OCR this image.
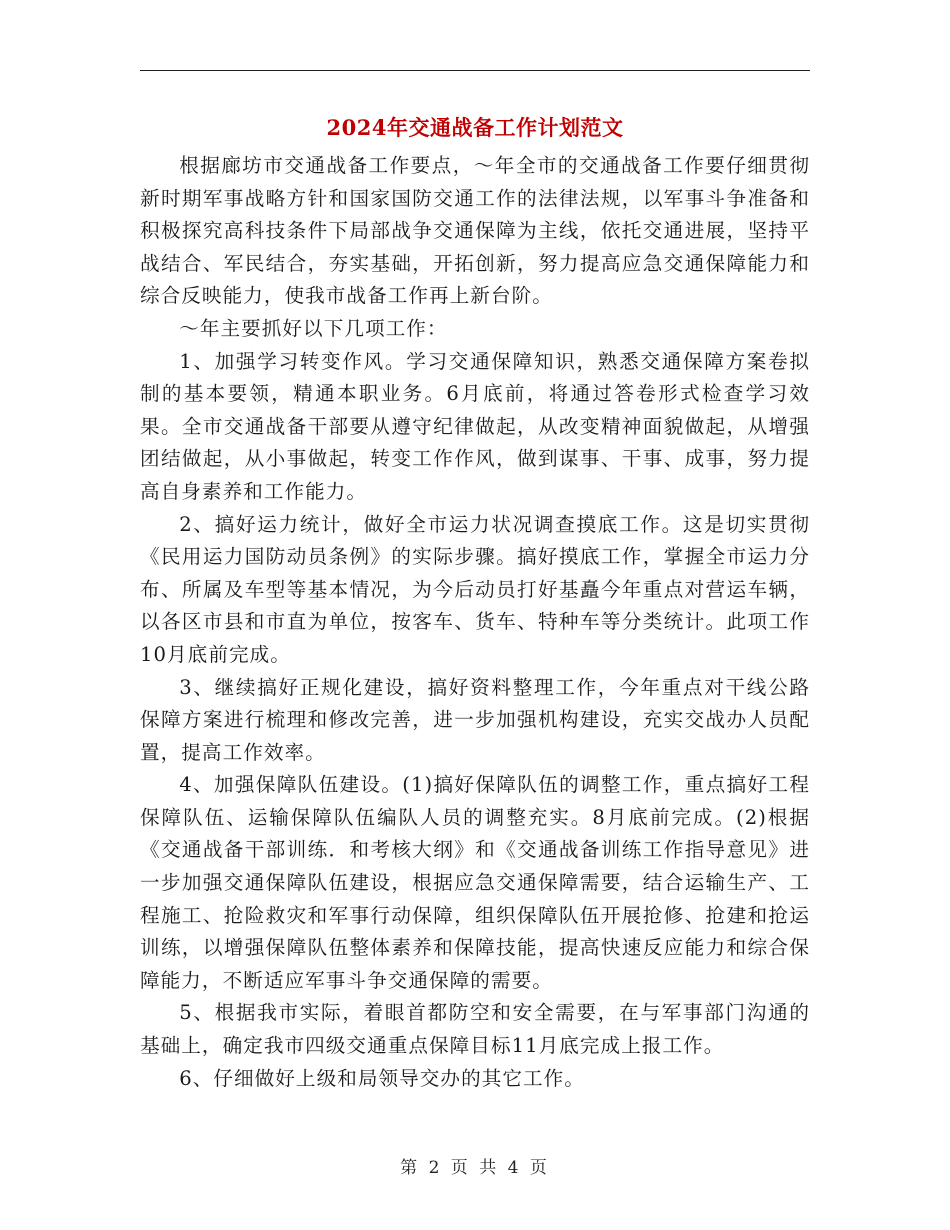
2024年交通战备工作计划范文

根据廊坊市交通战备工作要点，～年全市的交通战备工作要仔细贯彻新时期军事战略方针和国家国防交通工作的法律法规，以军事斗争准备和积极探究高科技条件下局部战争交通保障为主线，依托交通进展，坚持平战结合、军民结合，夯实基础，开拓创新，努力提高应急交通保障能力和综合反映能力，使我市战备工作再上新台阶。

～年主要抓好以下几项工作：

1、加强学习转变作风。学习交通保障知识，熟悉交通保障方案卷拟制的基本要领，精通本职业务。6月底前，将通过答卷形式检查学习效果。全市交通战备干部要从遵守纪律做起，从改变精神面貌做起，从增强团结做起，从小事做起，转变工作作风，做到谋事、干事、成事，努力提高自身素养和工作能力。

2、搞好运力统计，做好全市运力状况调查摸底工作。这是切实贯彻《民用运力国防动员条例》的实际步骤。搞好摸底工作，掌握全市运力分布、所属及车型等基本情况，为今后动员打好基矗今年重点对营运车辆，以各区市县和市直为单位，按客车、货车、特种车等分类统计。此项工作10月底前完成。

3、继续搞好正规化建设，搞好资料整理工作，今年重点对干线公路保障方案进行梳理和修改完善，进一步加强机构建设，充实交战办人员配置，提高工作效率。

4、加强保障队伍建设。(1)搞好保障队伍的调整工作，重点搞好工程保障队伍、运输保障队伍编队人员的调整充实。8月底前完成。(2)根据《交通战备干部训练．和考核大纲》和《交通战备训练工作指导意见》进一步加强交通保障队伍建设，根据应急交通保障需要，结合运输生产、工程施工、抢险救灾和军事行动保障，组织保障队伍开展抢修、抢建和抢运训练，以增强保障队伍整体素养和保障技能，提高快速反应能力和综合保障能力，不断适应军事斗争交通保障的需要。

5、根据我市实际，着眼首都防空和安全需要，在与军事部门沟通的基础上，确定我市四级交通重点保障目标11月底完成上报工作。

6、仔细做好上级和局领导交办的其它工作。

第 2 页 共 4 页
